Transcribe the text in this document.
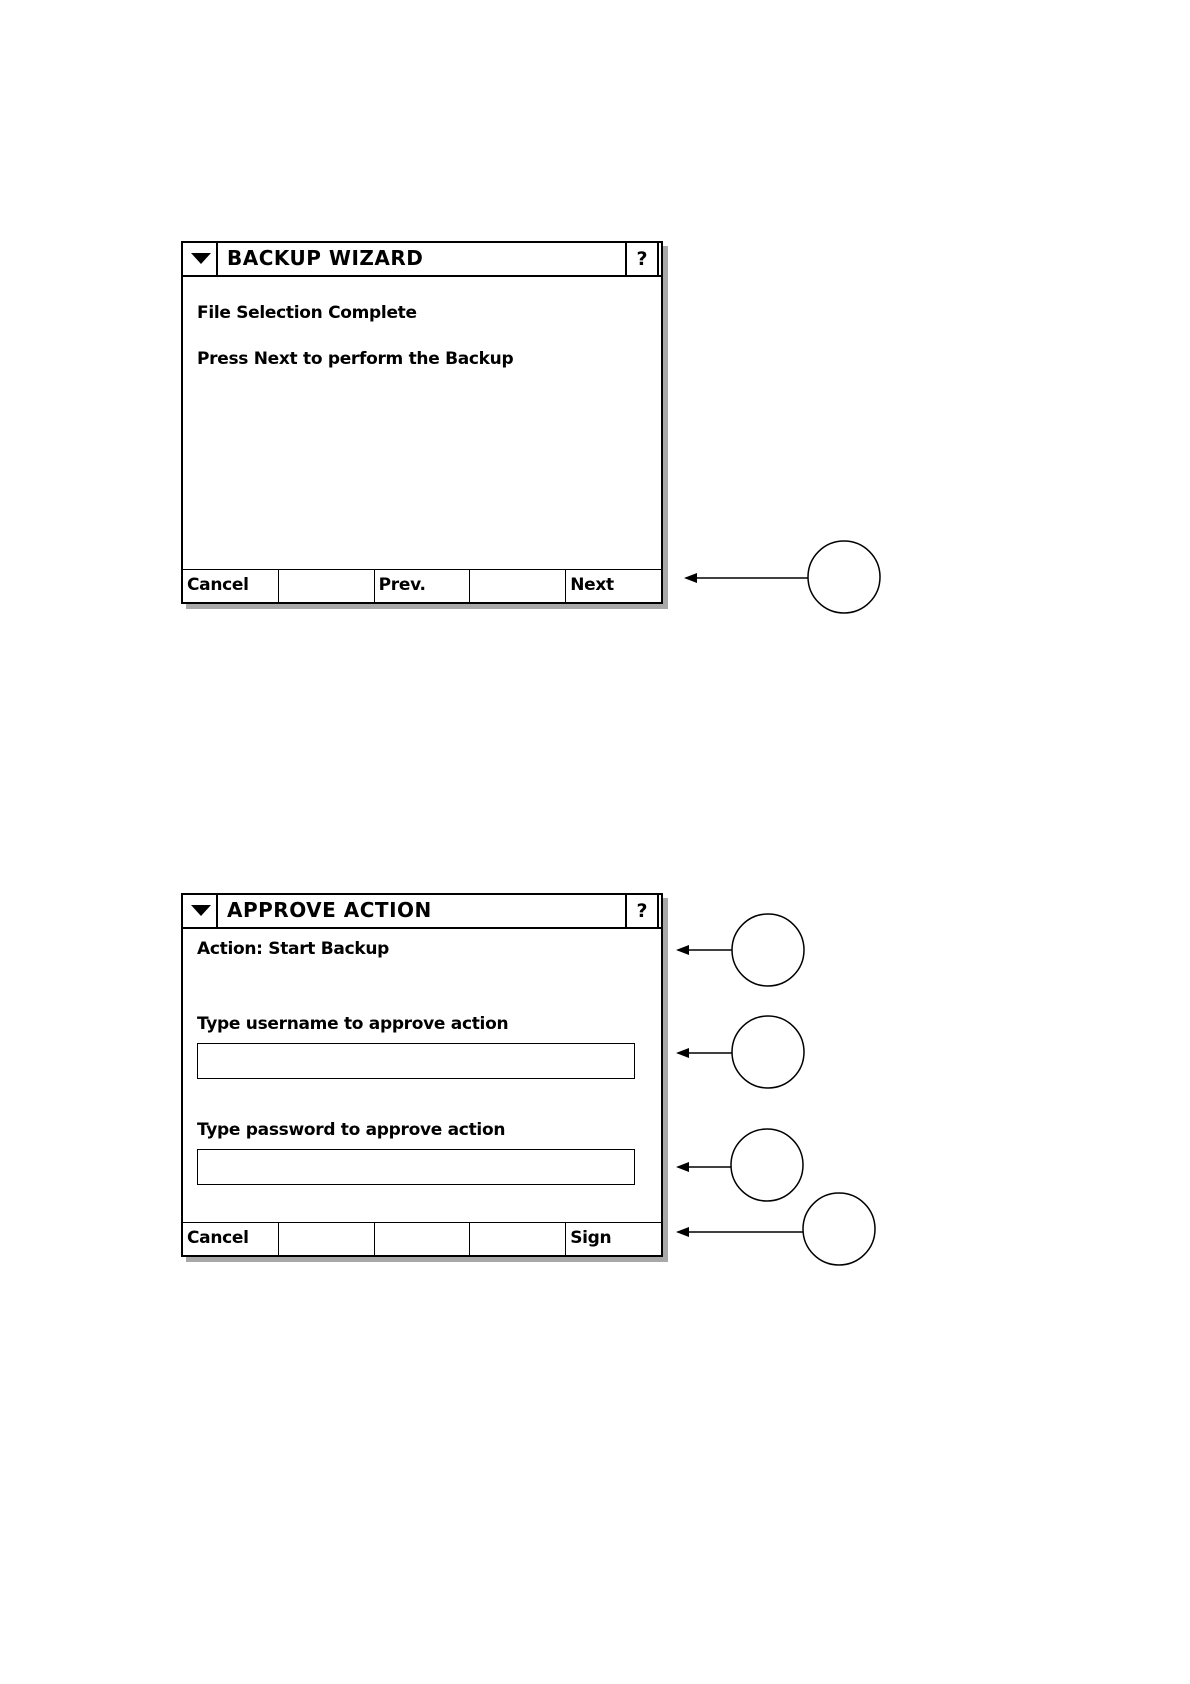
BACKUP WIZARD	?
File Selection Complete
Press Next to perform the Backup
Cancel	Prev.	Next
APPROVE ACTION	?
Action: Start Backup
Type username to approve action
Type password to approve action
Cancel	Sign
